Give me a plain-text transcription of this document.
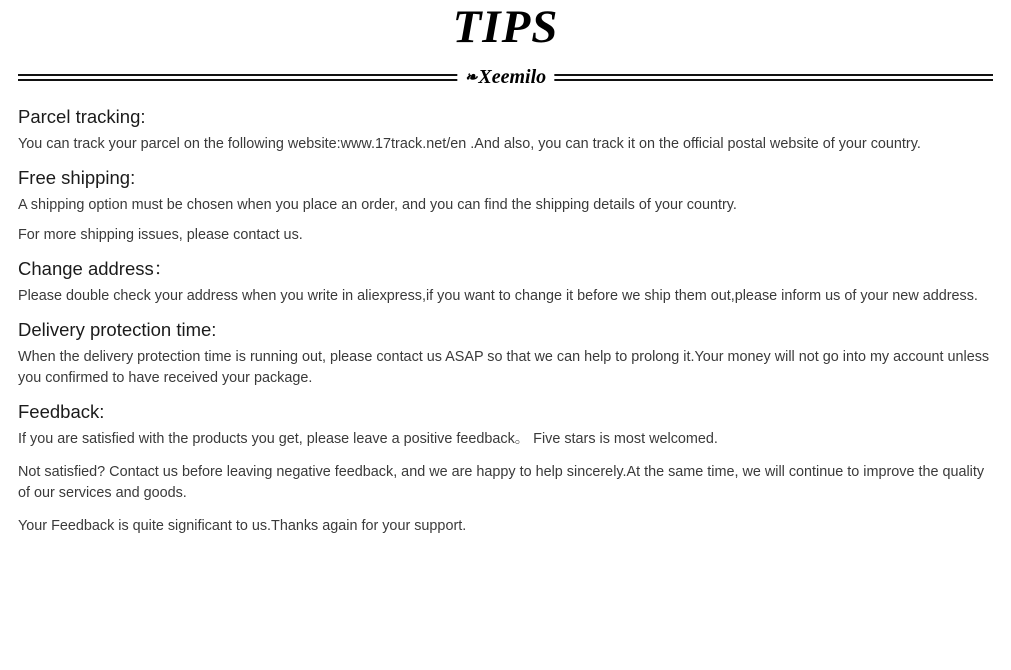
TIPS
❧Xeemilo
Parcel tracking:

You can track your parcel on the following website:www.17track.net/en .And also, you can track it on the official postal website of your country.

Free shipping:

A shipping option must be chosen when you place an order, and you can find the shipping details of your country.

For more shipping issues, please contact us.

Change address：

Please double check your address when you write in aliexpress,if you want to change it before we ship them out,please inform us of your new address.

Delivery protection time:

When the delivery protection time is running out, please contact us ASAP so that we can help to prolong it.Your money will not go into my account unless you confirmed to have received your package.

Feedback:

If you are satisfied with the products you get, please leave a positive feedback。 Five stars is most welcomed.

Not satisfied? Contact us before leaving negative feedback, and we are happy to help sincerely.At the same time, we will continue to improve the quality of our services and goods.

Your Feedback is quite significant to us.Thanks again for your support.
